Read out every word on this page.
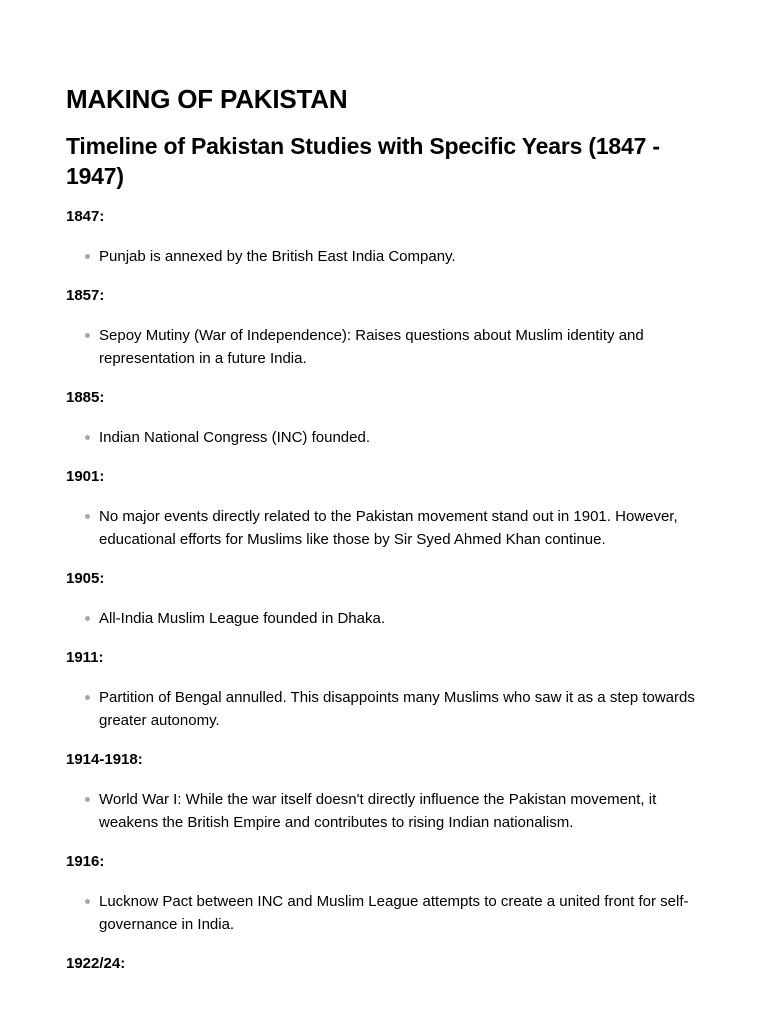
MAKING OF PAKISTAN
Timeline of Pakistan Studies with Specific Years (1847 - 1947)

1847:

Punjab is annexed by the British East India Company.

1857:

Sepoy Mutiny (War of Independence): Raises questions about Muslim identity and representation in a future India.

1885:

Indian National Congress (INC) founded.

1901:

No major events directly related to the Pakistan movement stand out in 1901. However, educational efforts for Muslims like those by Sir Syed Ahmed Khan continue.

1905:

All-India Muslim League founded in Dhaka.

1911:

Partition of Bengal annulled. This disappoints many Muslims who saw it as a step towards greater autonomy.

1914-1918:

World War I: While the war itself doesn't directly influence the Pakistan movement, it weakens the British Empire and contributes to rising Indian nationalism.

1916:

Lucknow Pact between INC and Muslim League attempts to create a united front for self-governance in India.

1922/24:
